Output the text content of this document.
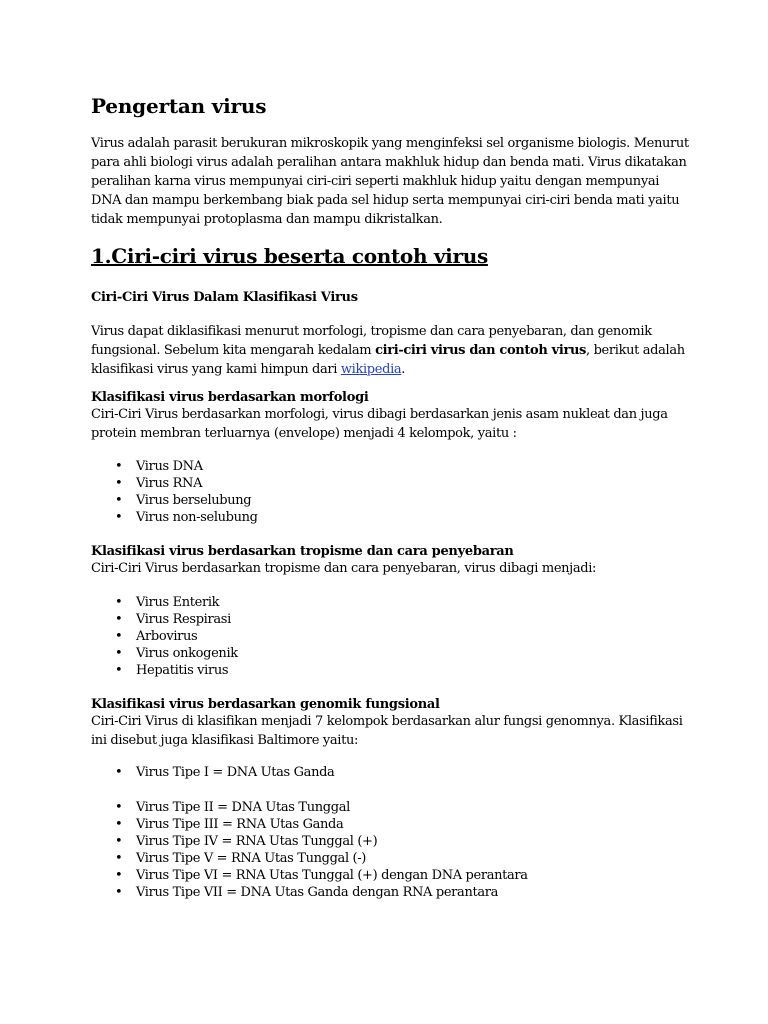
Pengertan virus

Virus adalah parasit berukuran mikroskopik yang menginfeksi sel organisme biologis. Menurut para ahli biologi virus adalah peralihan antara makhluk hidup dan benda mati. Virus dikatakan peralihan karna virus mempunyai ciri-ciri seperti makhluk hidup yaitu dengan mempunyai DNA dan mampu berkembang biak pada sel hidup serta mempunyai ciri-ciri benda mati yaitu tidak mempunyai protoplasma dan mampu dikristalkan.

1.Ciri-ciri virus beserta contoh virus

Ciri-Ciri Virus Dalam Klasifikasi Virus

Virus dapat diklasifikasi menurut morfologi, tropisme dan cara penyebaran, dan genomik fungsional. Sebelum kita mengarah kedalam ciri-ciri virus dan contoh virus, berikut adalah klasifikasi virus yang kami himpun dari wikipedia.

Klasifikasi virus berdasarkan morfologi

Ciri-Ciri Virus berdasarkan morfologi, virus dibagi berdasarkan jenis asam nukleat dan juga protein membran terluarnya (envelope) menjadi 4 kelompok, yaitu :

• Virus DNA
• Virus RNA
• Virus berselubung
• Virus non-selubung

Klasifikasi virus berdasarkan tropisme dan cara penyebaran

Ciri-Ciri Virus berdasarkan tropisme dan cara penyebaran, virus dibagi menjadi:

• Virus Enterik
• Virus Respirasi
• Arbovirus
• Virus onkogenik
• Hepatitis virus

Klasifikasi virus berdasarkan genomik fungsional

Ciri-Ciri Virus di klasifikan menjadi 7 kelompok berdasarkan alur fungsi genomnya. Klasifikasi ini disebut juga klasifikasi Baltimore yaitu:

• Virus Tipe I = DNA Utas Ganda
• Virus Tipe II = DNA Utas Tunggal
• Virus Tipe III = RNA Utas Ganda
• Virus Tipe IV = RNA Utas Tunggal (+)
• Virus Tipe V = RNA Utas Tunggal (-)
• Virus Tipe VI = RNA Utas Tunggal (+) dengan DNA perantara
• Virus Tipe VII = DNA Utas Ganda dengan RNA perantara
